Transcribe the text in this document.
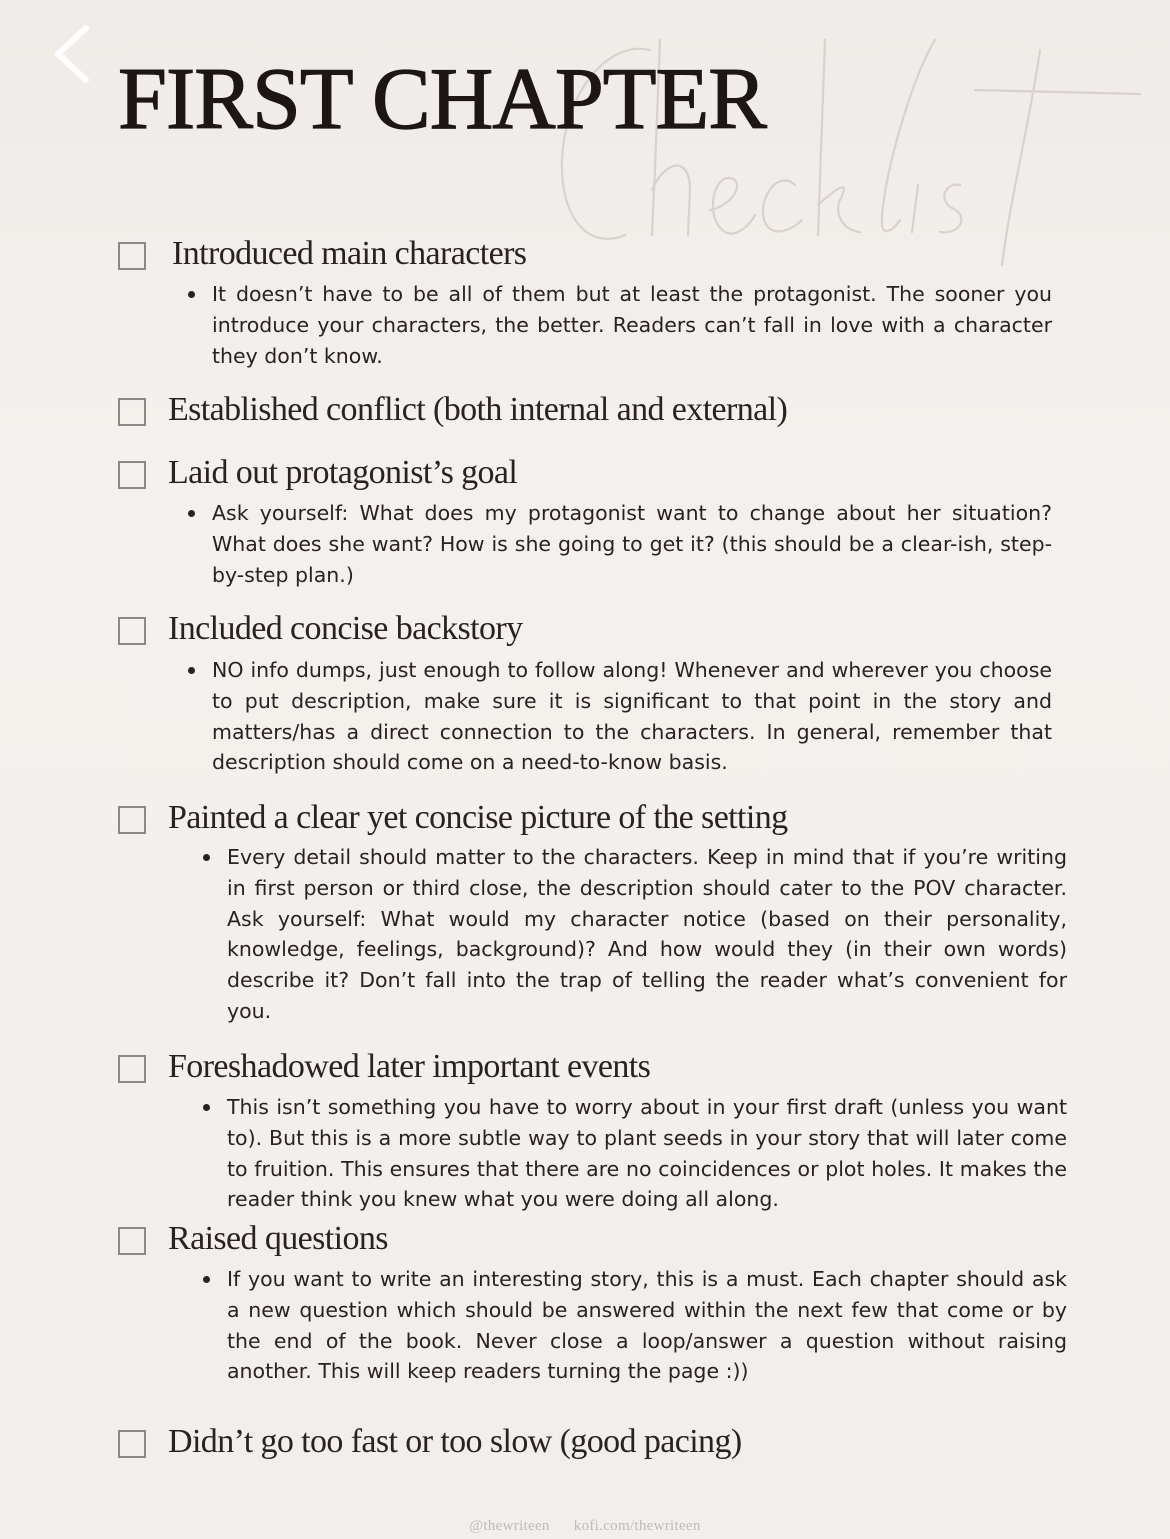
FIRST CHAPTER
Introduced main characters

It doesn’t have to be all of them but at least the protagonist. The sooner you introduce your characters, the better. Readers can’t fall in love with a character they don’t know.

Established conflict (both internal and external)
Laid out protagonist’s goal

Ask yourself: What does my protagonist want to change about her situation? What does she want? How is she going to get it? (this should be a clear-ish, step-by-step plan.)

Included concise backstory

NO info dumps, just enough to follow along! Whenever and wherever you choose to put description, make sure it is significant to that point in the story and matters/has a direct connection to the characters. In general, remember that description should come on a need-to-know basis.

Painted a clear yet concise picture of the setting

Every detail should matter to the characters. Keep in mind that if you’re writing in first person or third close, the description should cater to the POV character. Ask yourself: What would my character notice (based on their personality, knowledge, feelings, background)? And how would they (in their own words) describe it? Don’t fall into the trap of telling the reader what’s convenient for you.

Foreshadowed later important events

This isn’t something you have to worry about in your first draft (unless you want to). But this is a more subtle way to plant seeds in your story that will later come to fruition. This ensures that there are no coincidences or plot holes. It makes the reader think you knew what you were doing all along.

Raised questions

If you want to write an interesting story, this is a must. Each chapter should ask a new question which should be answered within the next few that come or by the end of the book. Never close a loop/answer a question without raising another. This will keep readers turning the page :))

Didn’t go too fast or too slow (good pacing)
@thewriteen kofi.com/thewriteen
